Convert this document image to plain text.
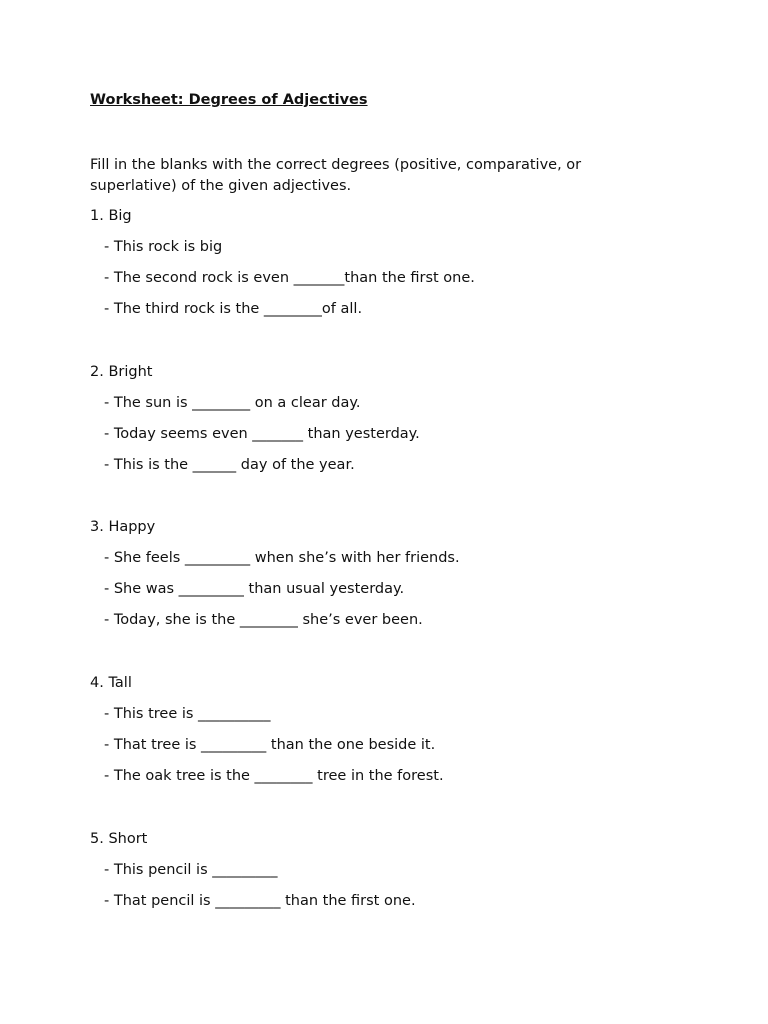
Worksheet: Degrees of Adjectives
Fill in the blanks with the correct degrees (positive, comparative, or superlative) of the given adjectives.
1. Big
- This rock is big
- The second rock is even _______than the first one.
- The third rock is the ________of all.
2. Bright
- The sun is ________ on a clear day.
- Today seems even _______ than yesterday.
- This is the ______ day of the year.
3. Happy
- She feels _________ when she’s with her friends.
- She was _________ than usual yesterday.
- Today, she is the ________ she’s ever been.
4. Tall
- This tree is __________
- That tree is _________ than the one beside it.
- The oak tree is the ________ tree in the forest.
5. Short
- This pencil is _________
- That pencil is _________ than the first one.
